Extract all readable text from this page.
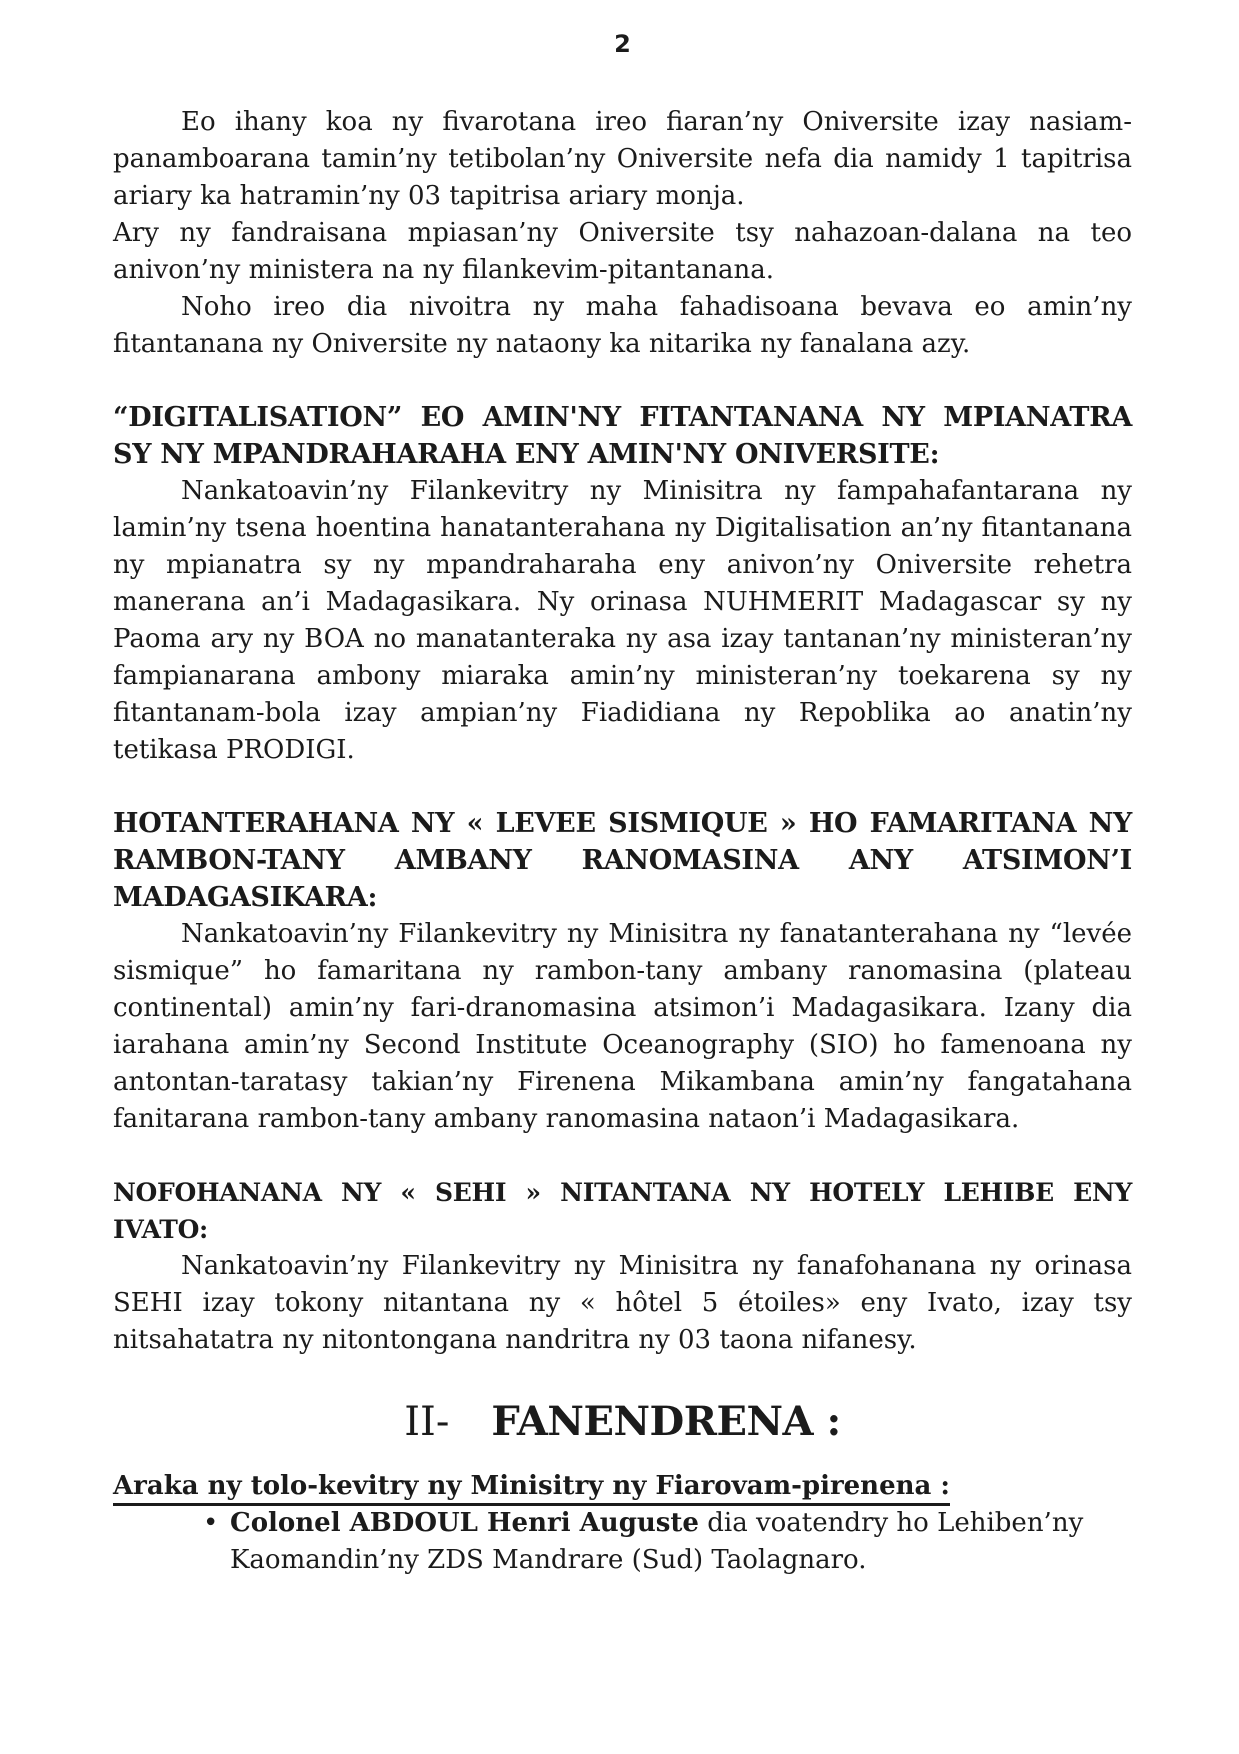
2

Eo ihany koa ny fivarotana ireo fiaran’ny Oniversite izay nasiam-panamboarana tamin’ny tetibolan’ny Oniversite nefa dia namidy 1 tapitrisa ariary ka hatramin’ny 03 tapitrisa ariary monja.

Ary ny fandraisana mpiasan’ny Oniversite tsy nahazoan-dalana na teo anivon’ny ministera na ny filankevim-pitantanana.

Noho ireo dia nivoitra ny maha fahadisoana bevava eo amin’ny fitantanana ny Oniversite ny nataony ka nitarika ny fanalana azy.

“DIGITALISATION” EO AMIN'NY FITANTANANA NY MPIANATRA SY NY MPANDRAHARAHA ENY AMIN'NY ONIVERSITE:

Nankatoavin’ny Filankevitry ny Minisitra ny fampahafantarana ny lamin’ny tsena hoentina hanatanterahana ny Digitalisation an’ny fitantanana ny mpianatra sy ny mpandraharaha eny anivon’ny Oniversite rehetra manerana an’i Madagasikara. Ny orinasa NUHMERIT Madagascar sy ny Paoma ary ny BOA no manatanteraka ny asa izay tantanan’ny ministeran’ny fampianarana ambony miaraka amin’ny ministeran’ny toekarena sy ny fitantanam-bola izay ampian’ny Fiadidiana ny Repoblika ao anatin’ny tetikasa PRODIGI.

HOTANTERAHANA NY « LEVEE SISMIQUE » HO FAMARITANA NY RAMBON-TANY AMBANY RANOMASINA ANY ATSIMON’I MADAGASIKARA:

Nankatoavin’ny Filankevitry ny Minisitra ny fanatanterahana ny “levée sismique” ho famaritana ny rambon-tany ambany ranomasina (plateau continental) amin’ny fari-dranomasina atsimon’i Madagasikara. Izany dia iarahana amin’ny Second Institute Oceanography (SIO) ho famenoana ny antontan-taratasy takian’ny Firenena Mikambana amin’ny fangatahana fanitarana rambon-tany ambany ranomasina nataon’i Madagasikara.

NOFOHANANA NY « SEHI » NITANTANA NY HOTELY LEHIBE ENY IVATO:

Nankatoavin’ny Filankevitry ny Minisitra ny fanafohanana ny orinasa SEHI izay tokony nitantana ny « hôtel 5 étoiles» eny Ivato, izay tsy nitsahatatra ny nitontongana nandritra ny 03 taona nifanesy.

II- FANENDRENA :
Araka ny tolo-kevitry ny Minisitry ny Fiarovam-pirenena :
• Colonel ABDOUL Henri Auguste dia voatendry ho Lehiben’ny Kaomandin’ny ZDS Mandrare (Sud) Taolagnaro.
